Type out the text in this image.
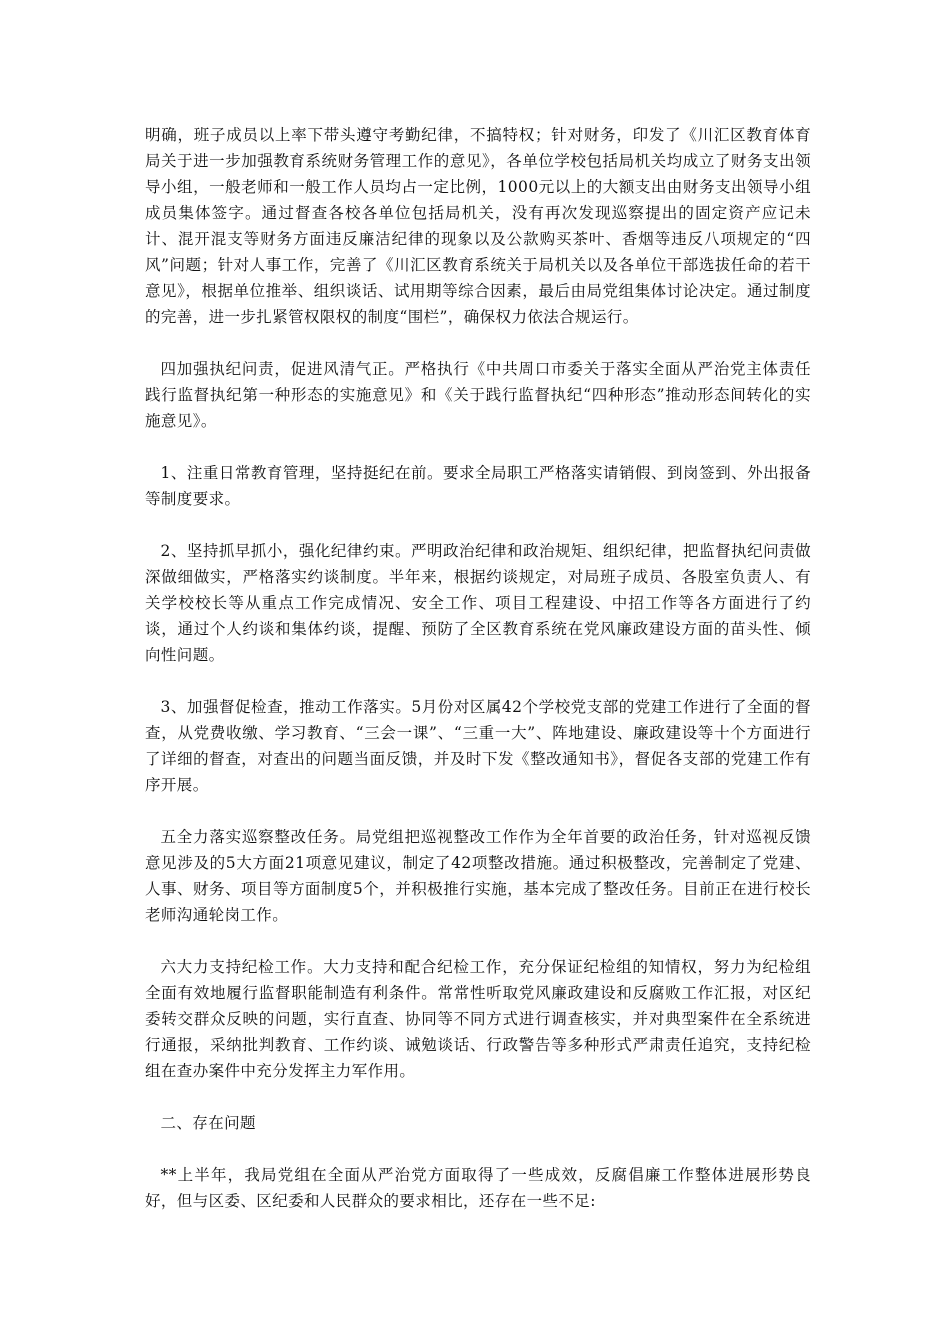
明确，班子成员以上率下带头遵守考勤纪律，不搞特权；针对财务，印发了《川汇区教育体育局关于进一步加强教育系统财务管理工作的意见》，各单位学校包括局机关均成立了财务支出领导小组，一般老师和一般工作人员均占一定比例，1000元以上的大额支出由财务支出领导小组成员集体签字。通过督查各校各单位包括局机关，没有再次发现巡察提出的固定资产应记未计、混开混支等财务方面违反廉洁纪律的现象以及公款购买茶叶、香烟等违反八项规定的“四风”问题；针对人事工作，完善了《川汇区教育系统关于局机关以及各单位干部选拔任命的若干意见》，根据单位推举、组织谈话、试用期等综合因素，最后由局党组集体讨论决定。通过制度的完善，进一步扎紧管权限权的制度“围栏”，确保权力依法合规运行。

四加强执纪问责，促进风清气正。严格执行《中共周口市委关于落实全面从严治党主体责任践行监督执纪第一种形态的实施意见》和《关于践行监督执纪“四种形态”推动形态间转化的实施意见》。

1、注重日常教育管理，坚持挺纪在前。要求全局职工严格落实请销假、到岗签到、外出报备等制度要求。

2、坚持抓早抓小，强化纪律约束。严明政治纪律和政治规矩、组织纪律，把监督执纪问责做深做细做实，严格落实约谈制度。半年来，根据约谈规定，对局班子成员、各股室负责人、有关学校校长等从重点工作完成情况、安全工作、项目工程建设、中招工作等各方面进行了约谈，通过个人约谈和集体约谈，提醒、预防了全区教育系统在党风廉政建设方面的苗头性、倾向性问题。

3、加强督促检查，推动工作落实。5月份对区属42个学校党支部的党建工作进行了全面的督查，从党费收缴、学习教育、“三会一课”、“三重一大”、阵地建设、廉政建设等十个方面进行了详细的督查，对查出的问题当面反馈，并及时下发《整改通知书》，督促各支部的党建工作有序开展。

五全力落实巡察整改任务。局党组把巡视整改工作作为全年首要的政治任务，针对巡视反馈意见涉及的5大方面21项意见建议，制定了42项整改措施。通过积极整改，完善制定了党建、人事、财务、项目等方面制度5个，并积极推行实施，基本完成了整改任务。目前正在进行校长老师沟通轮岗工作。

六大力支持纪检工作。大力支持和配合纪检工作，充分保证纪检组的知情权，努力为纪检组全面有效地履行监督职能制造有利条件。常常性听取党风廉政建设和反腐败工作汇报，对区纪委转交群众反映的问题，实行直查、协同等不同方式进行调查核实，并对典型案件在全系统进行通报，采纳批判教育、工作约谈、诫勉谈话、行政警告等多种形式严肃责任追究，支持纪检组在查办案件中充分发挥主力军作用。

二、存在问题

**上半年，我局党组在全面从严治党方面取得了一些成效，反腐倡廉工作整体进展形势良好，但与区委、区纪委和人民群众的要求相比，还存在一些不足:
